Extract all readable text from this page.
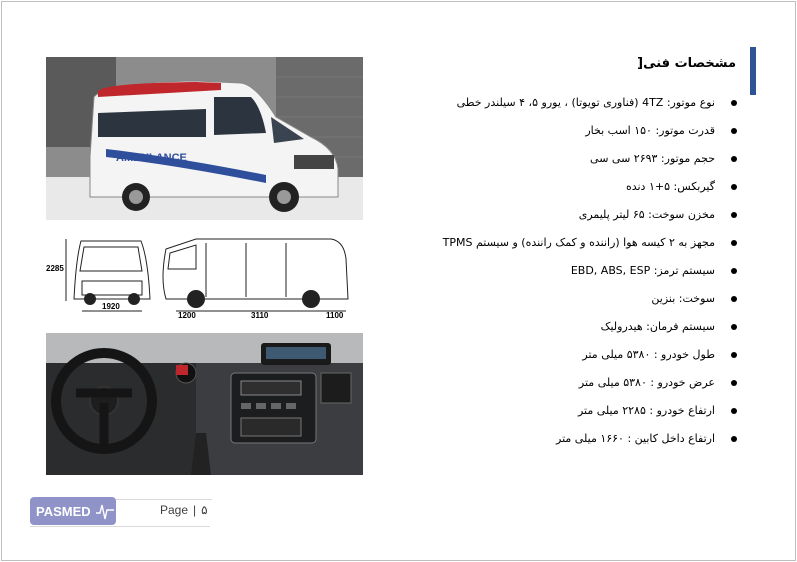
مشخصات فنی[
نوع موتور: 4TZ (فناوری تویوتا) ، یورو ۵، ۴ سیلندر خطی
قدرت موتور: ۱۵۰ اسب بخار
حجم موتور: ۲۶۹۳ سی سی
گیربکس: ۵+۱ دنده
مخزن سوخت: ۶۵ لیتر پلیمری
مجهز به ۲ کیسه هوا (راننده و کمک راننده) و سیستم TPMS
سیستم ترمز: EBD, ABS, ESP
سوخت: بنزین
سیستم فرمان: هیدرولیک
طول خودرو : ۵۳۸۰ میلی متر
عرض خودرو : ۵۳۸۰ میلی متر
ارتفاع خودرو : ۲۲۸۵ میلی متر
ارتفاع داخل کابین : ۱۶۶۰ میلی متر
AMBULANCE
2285
1920
1200	3110	1100
PASMED	Page | ۵
